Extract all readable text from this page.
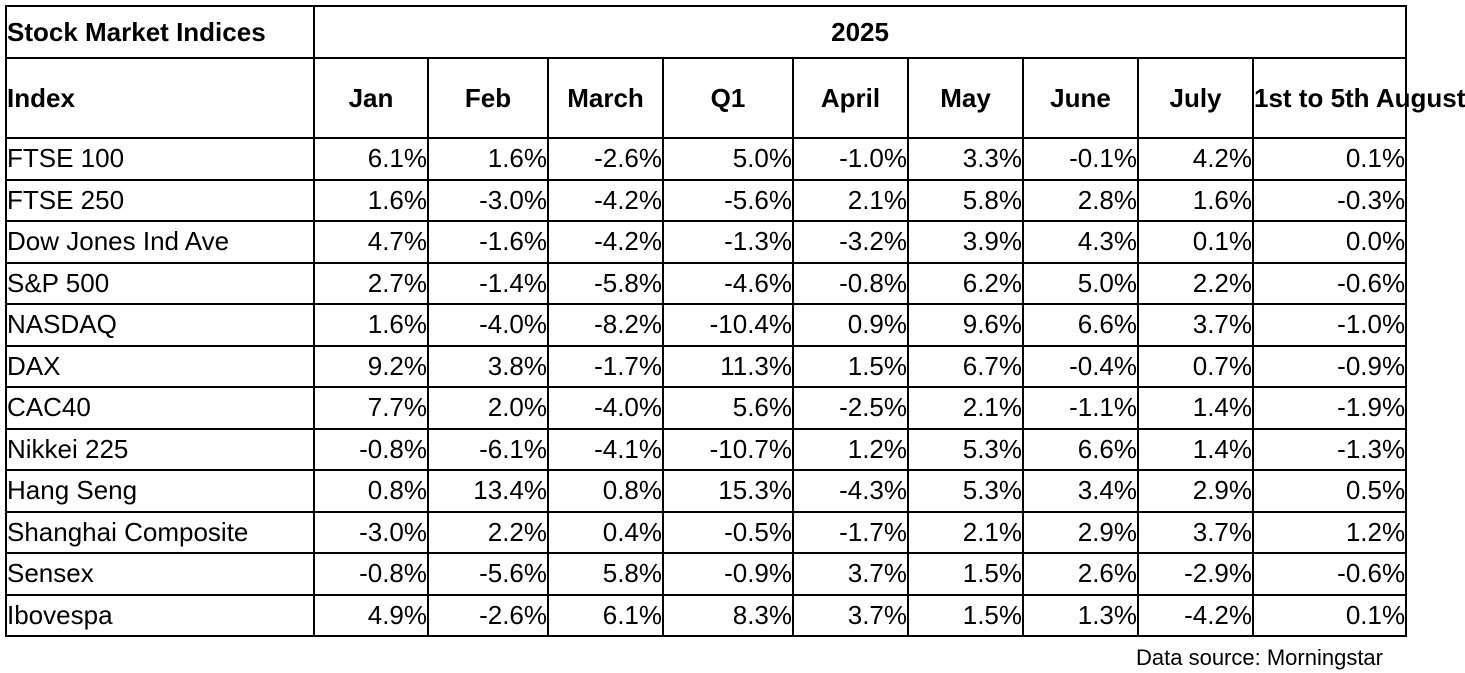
Stock Market Indices	2025								
Index	Jan	Feb	March	Q1	April	May	June	July	1st to 5th August
FTSE 100	6.1%	1.6%	-2.6%	5.0%	-1.0%	3.3%	-0.1%	4.2%	0.1%
FTSE 250	1.6%	-3.0%	-4.2%	-5.6%	2.1%	5.8%	2.8%	1.6%	-0.3%
Dow Jones Ind Ave	4.7%	-1.6%	-4.2%	-1.3%	-3.2%	3.9%	4.3%	0.1%	0.0%
S&P 500	2.7%	-1.4%	-5.8%	-4.6%	-0.8%	6.2%	5.0%	2.2%	-0.6%
NASDAQ	1.6%	-4.0%	-8.2%	-10.4%	0.9%	9.6%	6.6%	3.7%	-1.0%
DAX	9.2%	3.8%	-1.7%	11.3%	1.5%	6.7%	-0.4%	0.7%	-0.9%
CAC40	7.7%	2.0%	-4.0%	5.6%	-2.5%	2.1%	-1.1%	1.4%	-1.9%
Nikkei 225	-0.8%	-6.1%	-4.1%	-10.7%	1.2%	5.3%	6.6%	1.4%	-1.3%
Hang Seng	0.8%	13.4%	0.8%	15.3%	-4.3%	5.3%	3.4%	2.9%	0.5%
Shanghai Composite	-3.0%	2.2%	0.4%	-0.5%	-1.7%	2.1%	2.9%	3.7%	1.2%
Sensex	-0.8%	-5.6%	5.8%	-0.9%	3.7%	1.5%	2.6%	-2.9%	-0.6%
Ibovespa	4.9%	-2.6%	6.1%	8.3%	3.7%	1.5%	1.3%	-4.2%	0.1%
Data source: Morningstar
